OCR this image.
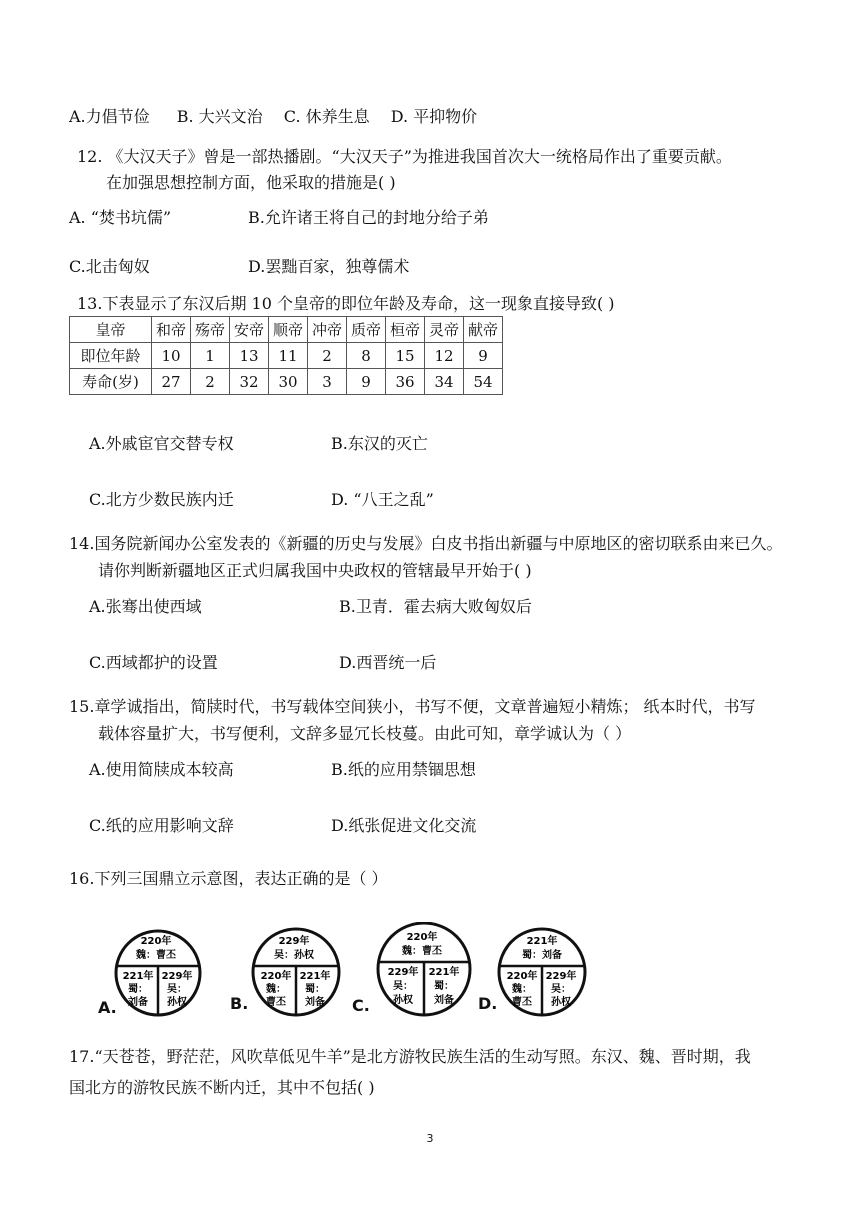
A.力倡节俭 B. 大兴文治 C. 休养生息 D. 平抑物价
12. 《大汉天子》曾是一部热播剧。“大汉天子”为推进我国首次大一统格局作出了重要贡献。
在加强思想控制方面，他采取的措施是( )
A. “焚书坑儒”	B.允许诸王将自己的封地分给子弟
C.北击匈奴	D.罢黜百家，独尊儒术
13.下表显示了东汉后期 10 个皇帝的即位年龄及寿命，这一现象直接导致( )
皇帝	和帝	殇帝	安帝	顺帝	冲帝	质帝	桓帝	灵帝	献帝
即位年龄	10	1	13	11	2	8	15	12	9
寿命(岁)	27	2	32	30	3	9	36	34	54
A.外戚宦官交替专权	B.东汉的灭亡
C.北方少数民族内迁	D. “八王之乱”
14.国务院新闻办公室发表的《新疆的历史与发展》白皮书指出新疆与中原地区的密切联系由来已久。
请你判断新疆地区正式归属我国中央政权的管辖最早开始于( )
A.张骞出使西域	B.卫青．霍去病大败匈奴后
C.西域都护的设置	D.西晋统一后
15.章学诚指出，简牍时代，书写载体空间狭小，书写不便，文章普遍短小精炼； 纸本时代，书写
载体容量扩大，书写便利，文辞多显冗长枝蔓。由此可知，章学诚认为（ ）
A.使用简牍成本较高	B.纸的应用禁锢思想
C.纸的应用影响文辞	D.纸张促进文化交流
16.下列三国鼎立示意图，表达正确的是（ ）
220年
魏：曹丕
221年
蜀：
刘备
229年
吴：
孙权
A.
229年
吴：孙权
220年
魏：
曹丕
221年
蜀：
刘备
B.
220年
魏：曹丕
229年
吴：
孙权
221年
蜀：
刘备
C.
221年
蜀：刘备
220年
魏：
曹丕
229年
吴：
孙权
D.
17.“天苍苍，野茫茫，风吹草低见牛羊”是北方游牧民族生活的生动写照。东汉、魏、晋时期，我
国北方的游牧民族不断内迁，其中不包括( )
3
